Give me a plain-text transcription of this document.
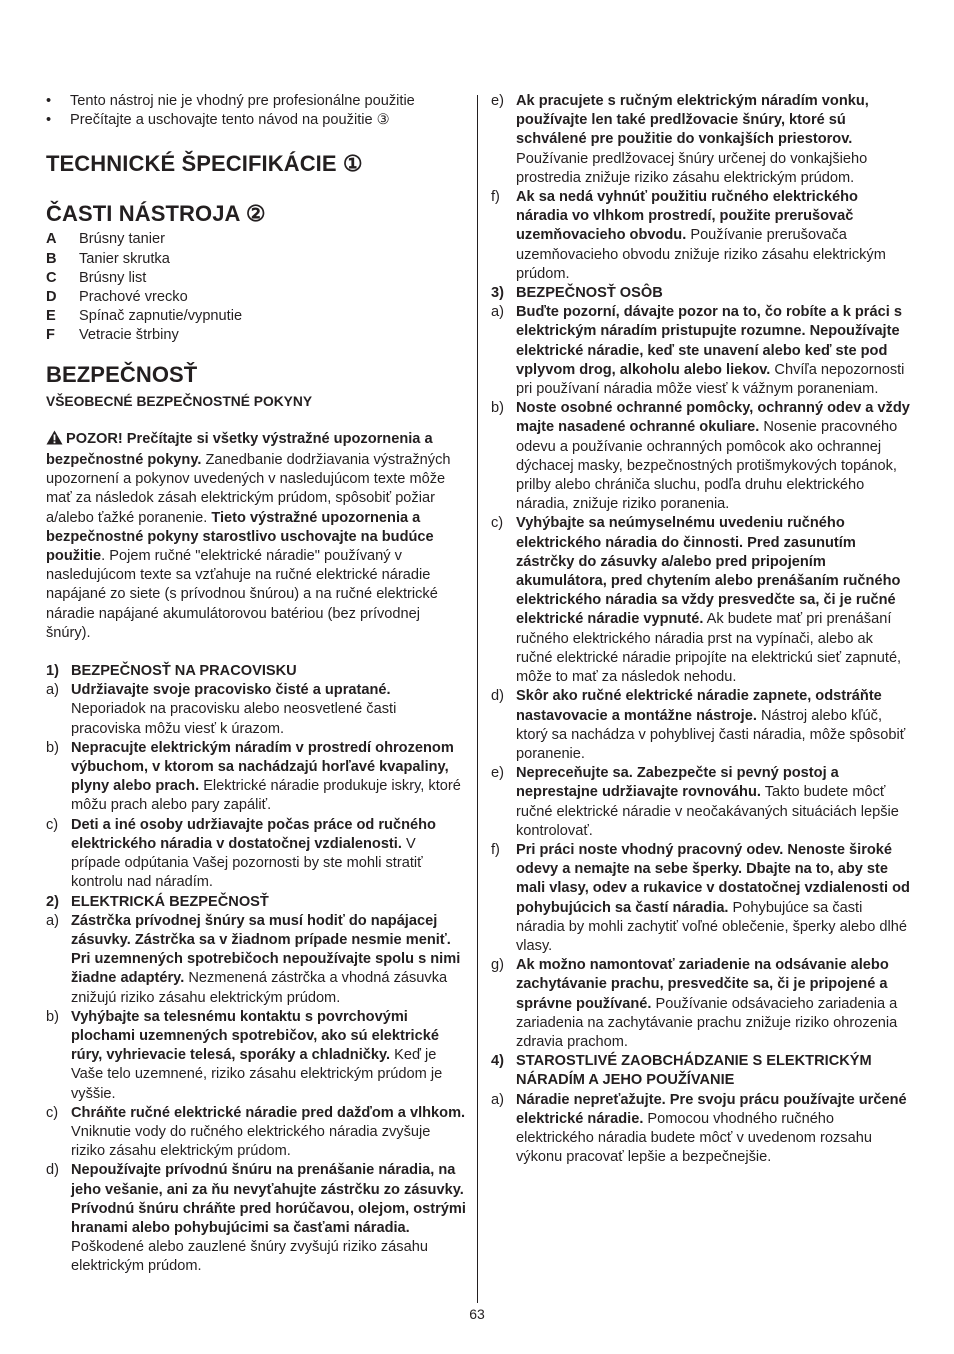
• Tento nástroj nie je vhodný pre profesionálne použitie
• Prečítajte a uschovajte tento návod na použitie ③
TECHNICKÉ ŠPECIFIKÁCIE ①
ČASTI NÁSTROJA ②
A Brúsny tanier
B Tanier skrutka
C Brúsny list
D Prachové vrecko
E Spínač zapnutie/vypnutie
F Vetracie štrbiny
BEZPEČNOSŤ
VŠEOBECNÉ BEZPEČNOSTNÉ POKYNY

POZOR! Prečítajte si všetky výstražné upozornenia a bezpečnostné pokyny. Zanedbanie dodržiavania výstražných upozornení a pokynov uvedených v nasledujúcom texte môže mať za následok zásah elektrickým prúdom, spôsobiť požiar a/alebo ťažké poranenie. Tieto výstražné upozornenia a bezpečnostné pokyny starostlivo uschovajte na budúce použitie. Pojem ručné "elektrické náradie" používaný v nasledujúcom texte sa vzťahuje na ručné elektrické náradie napájané zo siete (s prívodnou šnúrou) a na ručné elektrické náradie napájané akumulátorovou batériou (bez prívodnej šnúry).

1) BEZPEČNOSŤ NA PRACOVISKU
a) Udržiavajte svoje pracovisko čisté a upratané. Neporiadok na pracovisku alebo neosvetlené časti pracoviska môžu viesť k úrazom.
b) Nepracujte elektrickým náradím v prostredí ohrozenom výbuchom, v ktorom sa nachádzajú horľavé kvapaliny, plyny alebo prach. Elektrické náradie produkuje iskry, ktoré môžu prach alebo pary zapáliť.
c) Deti a iné osoby udržiavajte počas práce od ručného elektrického náradia v dostatočnej vzdialenosti. V prípade odpútania Vašej pozornosti by ste mohli stratiť kontrolu nad náradím.
2) ELEKTRICKÁ BEZPEČNOSŤ
a) Zástrčka prívodnej šnúry sa musí hodiť do napájacej zásuvky. Zástrčka sa v žiadnom prípade nesmie meniť. Pri uzemnených spotrebičoch nepoužívajte spolu s nimi žiadne adaptéry. Nezmenená zástrčka a vhodná zásuvka znižujú riziko zásahu elektrickým prúdom.
b) Vyhýbajte sa telesnému kontaktu s povrchovými plochami uzemnených spotrebičov, ako sú elektrické rúry, vyhrievacie telesá, sporáky a chladničky. Keď je Vaše telo uzemnené, riziko zásahu elektrickým prúdom je vyššie.
c) Chráňte ručné elektrické náradie pred dažďom a vlhkom. Vniknutie vody do ručného elektrického náradia zvyšuje riziko zásahu elektrickým prúdom.
d) Nepoužívajte prívodnú šnúru na prenášanie náradia, na jeho vešanie, ani za ňu nevyťahujte zástrčku zo zásuvky. Prívodnú šnúru chráňte pred horúčavou, olejom, ostrými hranami alebo pohybujúcimi sa časťami náradia. Poškodené alebo zauzlené šnúry zvyšujú riziko zásahu elektrickým prúdom.
e) Ak pracujete s ručným elektrickým náradím vonku, používajte len také predlžovacie šnúry, ktoré sú schválené pre použitie do vonkajších priestorov. Používanie predlžovacej šnúry určenej do vonkajšieho prostredia znižuje riziko zásahu elektrickým prúdom.
f) Ak sa nedá vyhnúť použitiu ručného elektrického náradia vo vlhkom prostredí, použite prerušovač uzemňovacieho obvodu. Používanie prerušovača uzemňovacieho obvodu znižuje riziko zásahu elektrickým prúdom.
3) BEZPEČNOSŤ OSÔB
a) Buďte pozorní, dávajte pozor na to, čo robíte a k práci s elektrickým náradím pristupujte rozumne. Nepoužívajte elektrické náradie, keď ste unavení alebo keď ste pod vplyvom drog, alkoholu alebo liekov. Chvíľa nepozornosti pri používaní náradia môže viesť k vážnym poraneniam.
b) Noste osobné ochranné pomôcky, ochranný odev a vždy majte nasadené ochranné okuliare. Nosenie pracovného odevu a používanie ochranných pomôcok ako ochrannej dýchacej masky, bezpečnostných protišmykových topánok, prilby alebo chrániča sluchu, podľa druhu elektrického náradia, znižuje riziko poranenia.
c) Vyhýbajte sa neúmyselnému uvedeniu ručného elektrického náradia do činnosti. Pred zasunutím zástrčky do zásuvky a/alebo pred pripojením akumulátora, pred chytením alebo prenášaním ručného elektrického náradia sa vždy presvedčte sa, či je ručné elektrické náradie vypnuté. Ak budete mať pri prenášaní ručného elektrického náradia prst na vypínači, alebo ak ručné elektrické náradie pripojíte na elektrickú sieť zapnuté, môže to mať za následok nehodu.
d) Skôr ako ručné elektrické náradie zapnete, odstráňte nastavovacie a montážne nástroje. Nástroj alebo kľúč, ktorý sa nachádza v pohyblivej časti náradia, môže spôsobiť poranenie.
e) Nepreceňujte sa. Zabezpečte si pevný postoj a neprestajne udržiavajte rovnováhu. Takto budete môcť ručné elektrické náradie v neočakávaných situáciách lepšie kontrolovať.
f) Pri práci noste vhodný pracovný odev. Nenoste široké odevy a nemajte na sebe šperky. Dbajte na to, aby ste mali vlasy, odev a rukavice v dostatočnej vzdialenosti od pohybujúcich sa častí náradia. Pohybujúce sa časti náradia by mohli zachytiť voľné oblečenie, šperky alebo dlhé vlasy.
g) Ak možno namontovať zariadenie na odsávanie alebo zachytávanie prachu, presvedčite sa, či je pripojené a správne používané. Používanie odsávacieho zariadenia a zariadenia na zachytávanie prachu znižuje riziko ohrozenia zdravia prachom.
4) STAROSTLIVÉ ZAOBCHÁDZANIE S ELEKTRICKÝM NÁRADÍM A JEHO POUŽÍVANIE
a) Náradie nepreťažujte. Pre svoju prácu používajte určené elektrické náradie. Pomocou vhodného ručného elektrického náradia budete môcť v uvedenom rozsahu výkonu pracovať lepšie a bezpečnejšie.
63
